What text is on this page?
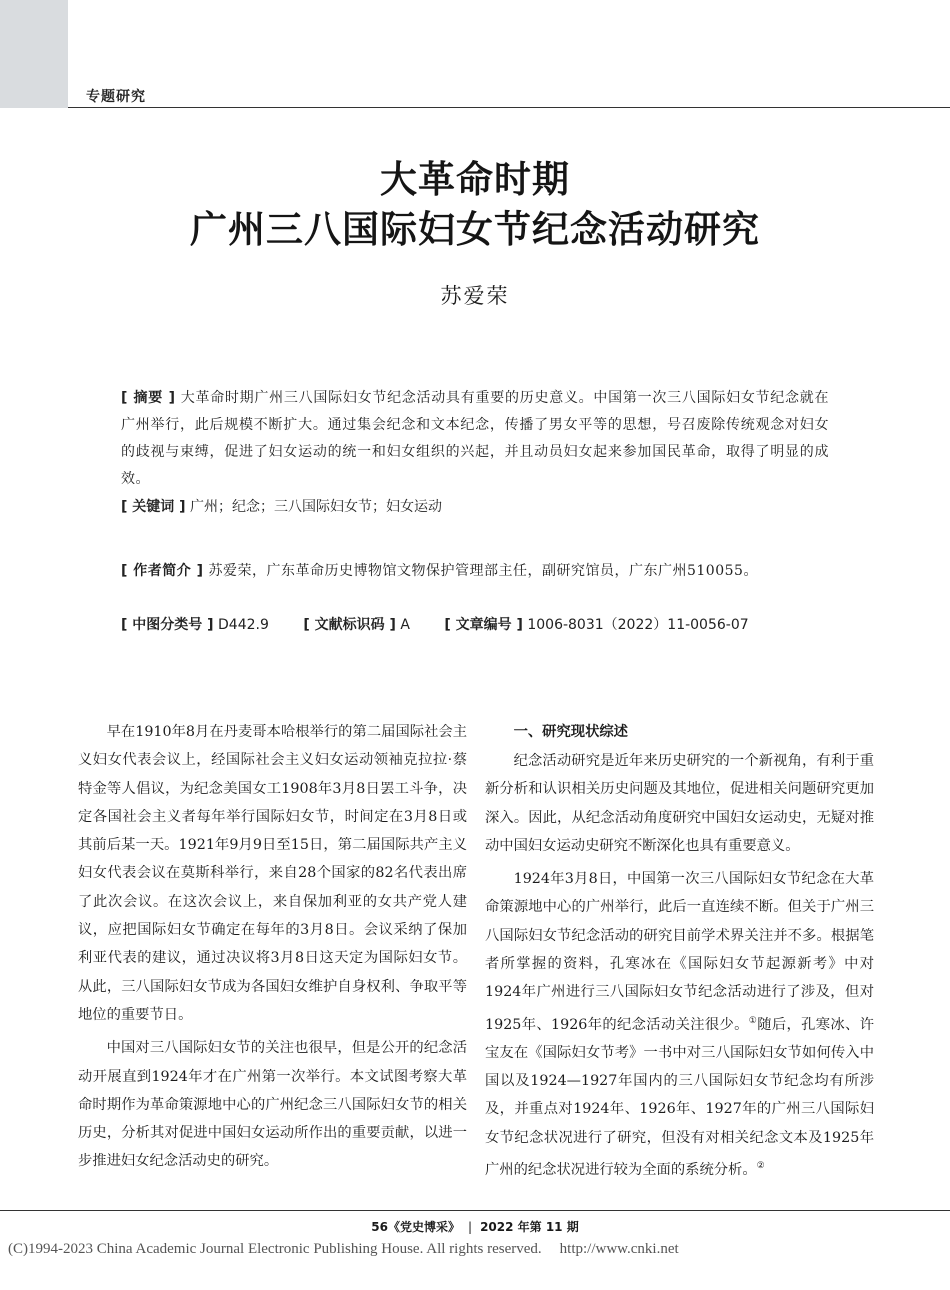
专题研究
大革命时期
广州三八国际妇女节纪念活动研究
苏爱荣
[ 摘要 ] 大革命时期广州三八国际妇女节纪念活动具有重要的历史意义。中国第一次三八国际妇女节纪念就在广州举行，此后规模不断扩大。通过集会纪念和文本纪念，传播了男女平等的思想，号召废除传统观念对妇女的歧视与束缚，促进了妇女运动的统一和妇女组织的兴起，并且动员妇女起来参加国民革命，取得了明显的成效。
[ 关键词 ] 广州；纪念；三八国际妇女节；妇女运动
[ 作者简介 ] 苏爱荣，广东革命历史博物馆文物保护管理部主任，副研究馆员，广东广州510055。
[ 中图分类号 ] D442.9 [ 文献标识码 ] A [ 文章编号 ] 1006-8031（2022）11-0056-07

早在1910年8月在丹麦哥本哈根举行的第二届国际社会主义妇女代表会议上，经国际社会主义妇女运动领袖克拉拉·蔡特金等人倡议，为纪念美国女工1908年3月8日罢工斗争，决定各国社会主义者每年举行国际妇女节，时间定在3月8日或其前后某一天。1921年9月9日至15日，第二届国际共产主义妇女代表会议在莫斯科举行，来自28个国家的82名代表出席了此次会议。在这次会议上，来自保加利亚的女共产党人建议，应把国际妇女节确定在每年的3月8日。会议采纳了保加利亚代表的建议，通过决议将3月8日这天定为国际妇女节。从此，三八国际妇女节成为各国妇女维护自身权利、争取平等地位的重要节日。

中国对三八国际妇女节的关注也很早，但是公开的纪念活动开展直到1924年才在广州第一次举行。本文试图考察大革命时期作为革命策源地中心的广州纪念三八国际妇女节的相关历史，分析其对促进中国妇女运动所作出的重要贡献，以进一步推进妇女纪念活动史的研究。

一、研究现状综述

纪念活动研究是近年来历史研究的一个新视角，有利于重新分析和认识相关历史问题及其地位，促进相关问题研究更加深入。因此，从纪念活动角度研究中国妇女运动史，无疑对推动中国妇女运动史研究不断深化也具有重要意义。

1924年3月8日，中国第一次三八国际妇女节纪念在大革命策源地中心的广州举行，此后一直连续不断。但关于广州三八国际妇女节纪念活动的研究目前学术界关注并不多。根据笔者所掌握的资料，孔寒冰在《国际妇女节起源新考》中对1924年广州进行三八国际妇女节纪念活动进行了涉及，但对1925年、1926年的纪念活动关注很少。①随后，孔寒冰、许宝友在《国际妇女节考》一书中对三八国际妇女节如何传入中国以及1924—1927年国内的三八国际妇女节纪念均有所涉及，并重点对1924年、1926年、1927年的广州三八国际妇女节纪念状况进行了研究，但没有对相关纪念文本及1925年广州的纪念状况进行较为全面的系统分析。②

56《党史博采》 | 2022 年第 11 期
(C)1994-2023 China Academic Journal Electronic Publishing House. All rights reserved. http://www.cnki.net
